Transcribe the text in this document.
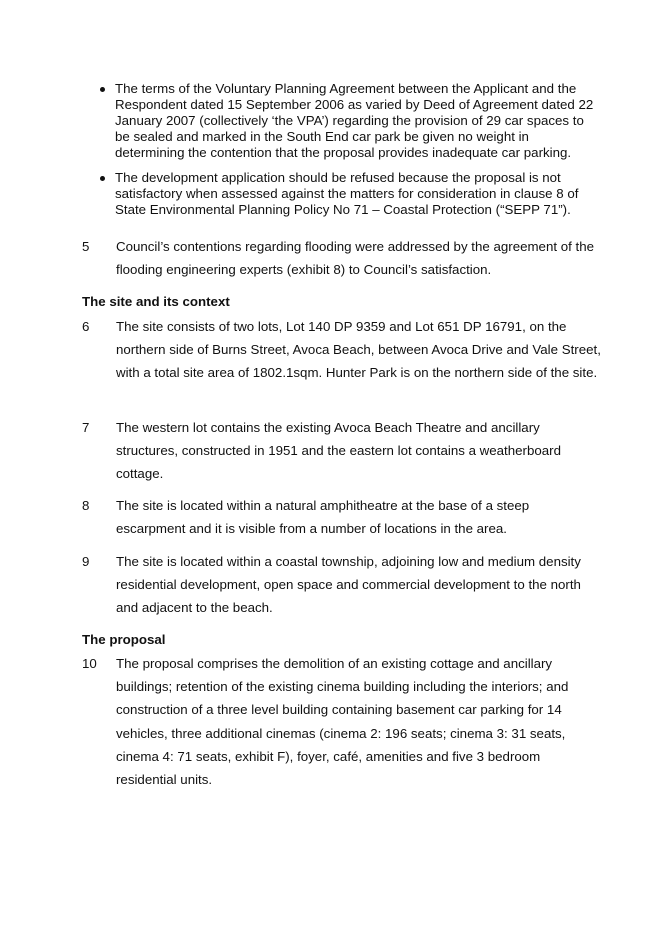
The terms of the Voluntary Planning Agreement between the Applicant and the Respondent dated 15 September 2006 as varied by Deed of Agreement dated 22 January 2007 (collectively ‘the VPA’) regarding the provision of 29 car spaces to be sealed and marked in the South End car park be given no weight in determining the contention that the proposal provides inadequate car parking.
The development application should be refused because the proposal is not satisfactory when assessed against the matters for consideration in clause 8 of State Environmental Planning Policy No 71 – Coastal Protection (“SEPP 71”).
5	Council’s contentions regarding flooding were addressed by the agreement of the flooding engineering experts (exhibit 8) to Council’s satisfaction.
The site and its context
6	The site consists of two lots, Lot 140 DP 9359 and Lot 651 DP 16791, on the northern side of Burns Street, Avoca Beach, between Avoca Drive and Vale Street, with a total site area of 1802.1sqm. Hunter Park is on the northern side of the site.
7	The western lot contains the existing Avoca Beach Theatre and ancillary structures, constructed in 1951 and the eastern lot contains a weatherboard cottage.
8	The site is located within a natural amphitheatre at the base of a steep escarpment and it is visible from a number of locations in the area.
9	The site is located within a coastal township, adjoining low and medium density residential development, open space and commercial development to the north and adjacent to the beach.
The proposal
10	The proposal comprises the demolition of an existing cottage and ancillary buildings; retention of the existing cinema building including the interiors; and construction of a three level building containing basement car parking for 14 vehicles, three additional cinemas (cinema 2: 196 seats; cinema 3: 31 seats, cinema 4: 71 seats, exhibit F), foyer, café, amenities and five 3 bedroom residential units.
